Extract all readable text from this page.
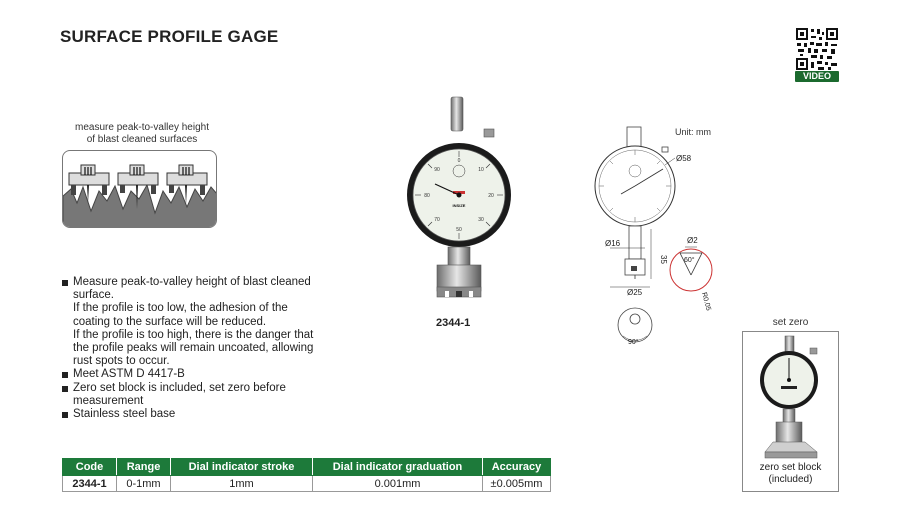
SURFACE PROFILE GAGE
VIDEO
measure peak-to-valley height
of blast cleaned surfaces
0
10
20
30
50
70
80
90
INSIZE
2344-1
Unit: mm
Ø58
Ø16
Ø25
35
Ø2
60°
R0.05
90°
Measure peak-to-valley height of blast cleaned surface.
If the profile is too low, the adhesion of the coating to the surface will be reduced.
If the profile is too high, there is the danger that the profile peaks will remain uncoated, allowing rust spots to occur.
Meet ASTM D 4417-B
Zero set block is included, set zero before measurement
Stainless steel base
set zero
zero set block
(included)
Code	Range	Dial indicator stroke	Dial indicator graduation	Accuracy
2344-1	0-1mm	1mm	0.001mm	±0.005mm
